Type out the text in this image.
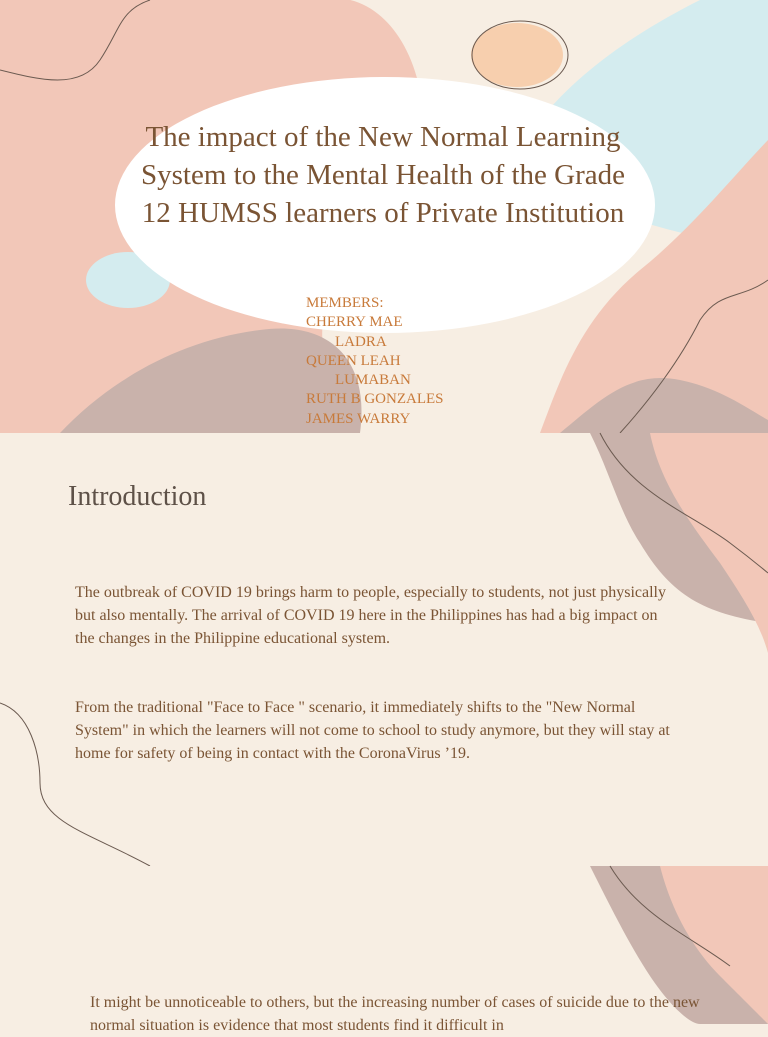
The impact of the New Normal Learning System to the Mental Health of the Grade 12 HUMSS learners of Private Institution
MEMBERS:
CHERRY MAE
LADRA
QUEEN LEAH
LUMABAN
RUTH B GONZALES
JAMES WARRY
Introduction

The outbreak of COVID 19 brings harm to people, especially to students, not just physically but also mentally. The arrival of COVID 19 here in the Philippines has had a big impact on the changes in the Philippine educational system.

From the traditional "Face to Face " scenario, it immediately shifts to the "New Normal System" in which the learners will not come to school to study anymore, but they will stay at home for safety of being in contact with the CoronaVirus ’19.

It might be unnoticeable to others, but the increasing number of cases of suicide due to the new normal situation is evidence that most students find it difficult in
